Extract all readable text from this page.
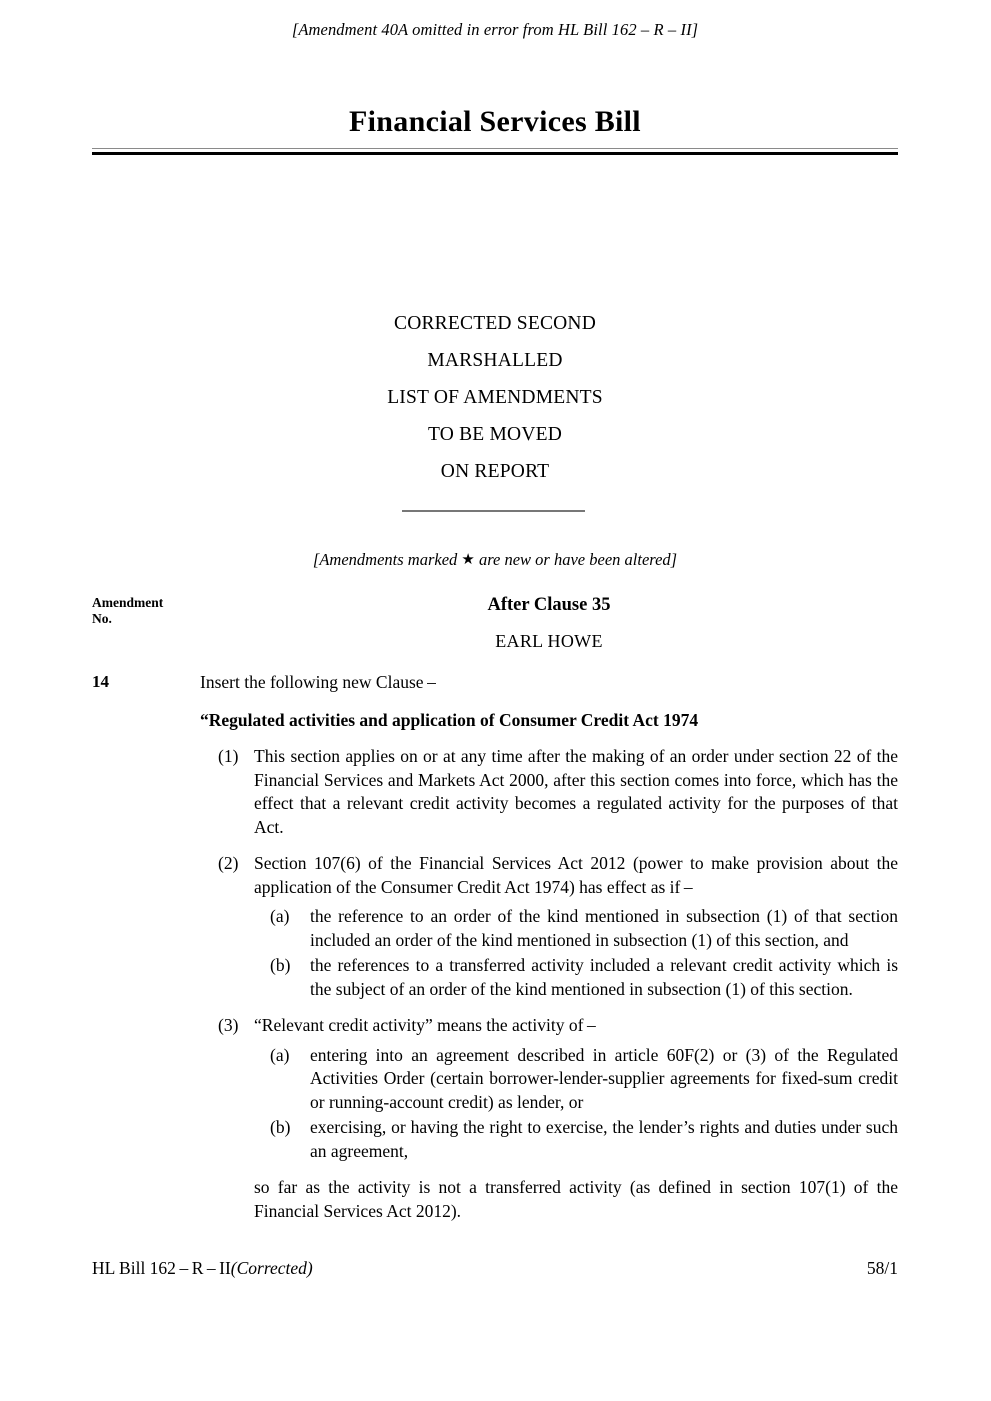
[Amendment 40A omitted in error from HL Bill 162 – R – II]
Financial Services Bill
CORRECTED SECOND
MARSHALLED
LIST OF AMENDMENTS
TO BE MOVED
ON REPORT
[Amendments marked ★ are new or have been altered]
Amendment
No.
After Clause 35
EARL HOWE
14	Insert the following new Clause –
“Regulated activities and application of Consumer Credit Act 1974
(1) This section applies on or at any time after the making of an order under section 22 of the Financial Services and Markets Act 2000, after this section comes into force, which has the effect that a relevant credit activity becomes a regulated activity for the purposes of that Act.
(2) Section 107(6) of the Financial Services Act 2012 (power to make provision about the application of the Consumer Credit Act 1974) has effect as if –
(a)	the reference to an order of the kind mentioned in subsection (1) of that section included an order of the kind mentioned in subsection (1) of this section, and
(b)	the references to a transferred activity included a relevant credit activity which is the subject of an order of the kind mentioned in subsection (1) of this section.
(3) “Relevant credit activity” means the activity of –
(a)	entering into an agreement described in article 60F(2) or (3) of the Regulated Activities Order (certain borrower-lender-supplier agreements for fixed-sum credit or running-account credit) as lender, or
(b)	exercising, or having the right to exercise, the lender’s rights and duties under such an agreement,
so far as the activity is not a transferred activity (as defined in section 107(1) of the Financial Services Act 2012).
HL Bill 162 – R – II(Corrected)	58/1
